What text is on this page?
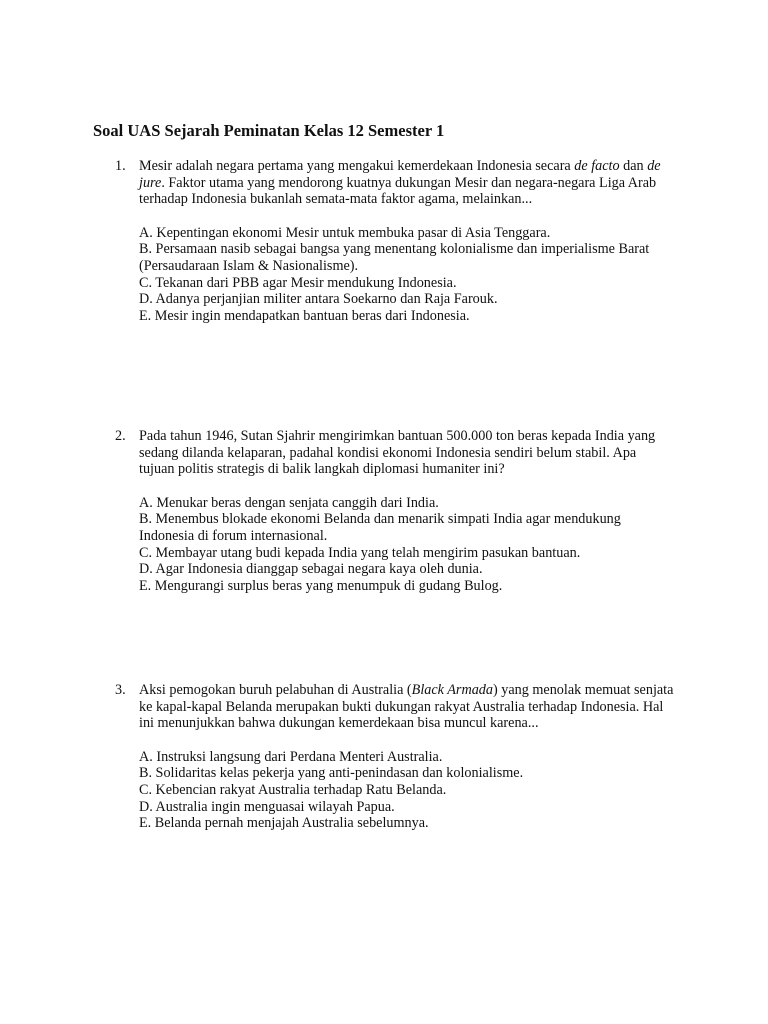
Soal UAS Sejarah Peminatan Kelas 12 Semester 1
1. Mesir adalah negara pertama yang mengakui kemerdekaan Indonesia secara de facto dan de jure. Faktor utama yang mendorong kuatnya dukungan Mesir dan negara-negara Liga Arab terhadap Indonesia bukanlah semata-mata faktor agama, melainkan...

A. Kepentingan ekonomi Mesir untuk membuka pasar di Asia Tenggara.

B. Persamaan nasib sebagai bangsa yang menentang kolonialisme dan imperialisme Barat (Persaudaraan Islam & Nasionalisme).

C. Tekanan dari PBB agar Mesir mendukung Indonesia.

D. Adanya perjanjian militer antara Soekarno dan Raja Farouk.

E. Mesir ingin mendapatkan bantuan beras dari Indonesia.

2. Pada tahun 1946, Sutan Sjahrir mengirimkan bantuan 500.000 ton beras kepada India yang sedang dilanda kelaparan, padahal kondisi ekonomi Indonesia sendiri belum stabil. Apa tujuan politis strategis di balik langkah diplomasi humaniter ini?

A. Menukar beras dengan senjata canggih dari India.

B. Menembus blokade ekonomi Belanda dan menarik simpati India agar mendukung Indonesia di forum internasional.

C. Membayar utang budi kepada India yang telah mengirim pasukan bantuan.

D. Agar Indonesia dianggap sebagai negara kaya oleh dunia.

E. Mengurangi surplus beras yang menumpuk di gudang Bulog.

3. Aksi pemogokan buruh pelabuhan di Australia (Black Armada) yang menolak memuat senjata ke kapal-kapal Belanda merupakan bukti dukungan rakyat Australia terhadap Indonesia. Hal ini menunjukkan bahwa dukungan kemerdekaan bisa muncul karena...

A. Instruksi langsung dari Perdana Menteri Australia.

B. Solidaritas kelas pekerja yang anti-penindasan dan kolonialisme.

C. Kebencian rakyat Australia terhadap Ratu Belanda.

D. Australia ingin menguasai wilayah Papua.

E. Belanda pernah menjajah Australia sebelumnya.
